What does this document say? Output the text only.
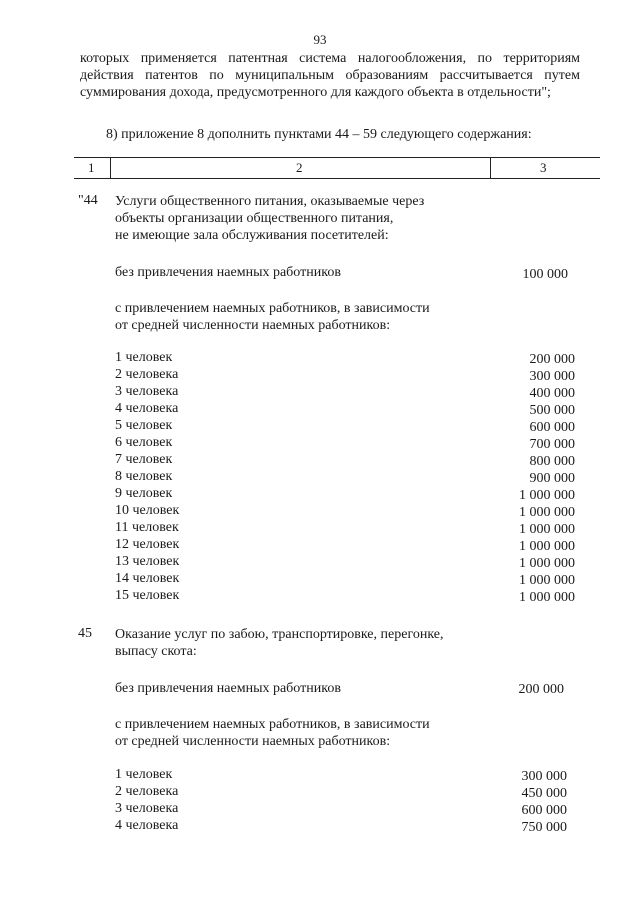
93
которых применяется патентная система налогообложения, по территориям
действия патентов по муниципальным образованиям рассчитывается путем
суммирования дохода, предусмотренного для каждого объекта в отдельности";
8) приложение 8 дополнить пунктами 44 – 59 следующего содержания:
1	2	3
"44 Услуги общественного питания, оказываемые через
объекты организации общественного питания,
не имеющие зала обслуживания посетителей:
без привлечения наемных работников	100 000
с привлечением наемных работников, в зависимости
от средней численности наемных работников:
1 человек	200 000
2 человека	300 000
3 человека	400 000
4 человека	500 000
5 человек	600 000
6 человек	700 000
7 человек	800 000
8 человек	900 000
9 человек	1 000 000
10 человек	1 000 000
11 человек	1 000 000
12 человек	1 000 000
13 человек	1 000 000
14 человек	1 000 000
15 человек	1 000 000
45 Оказание услуг по забою, транспортировке, перегонке,
выпасу скота:
без привлечения наемных работников	200 000
с привлечением наемных работников, в зависимости
от средней численности наемных работников:
1 человек	300 000
2 человека	450 000
3 человека	600 000
4 человека	750 000
